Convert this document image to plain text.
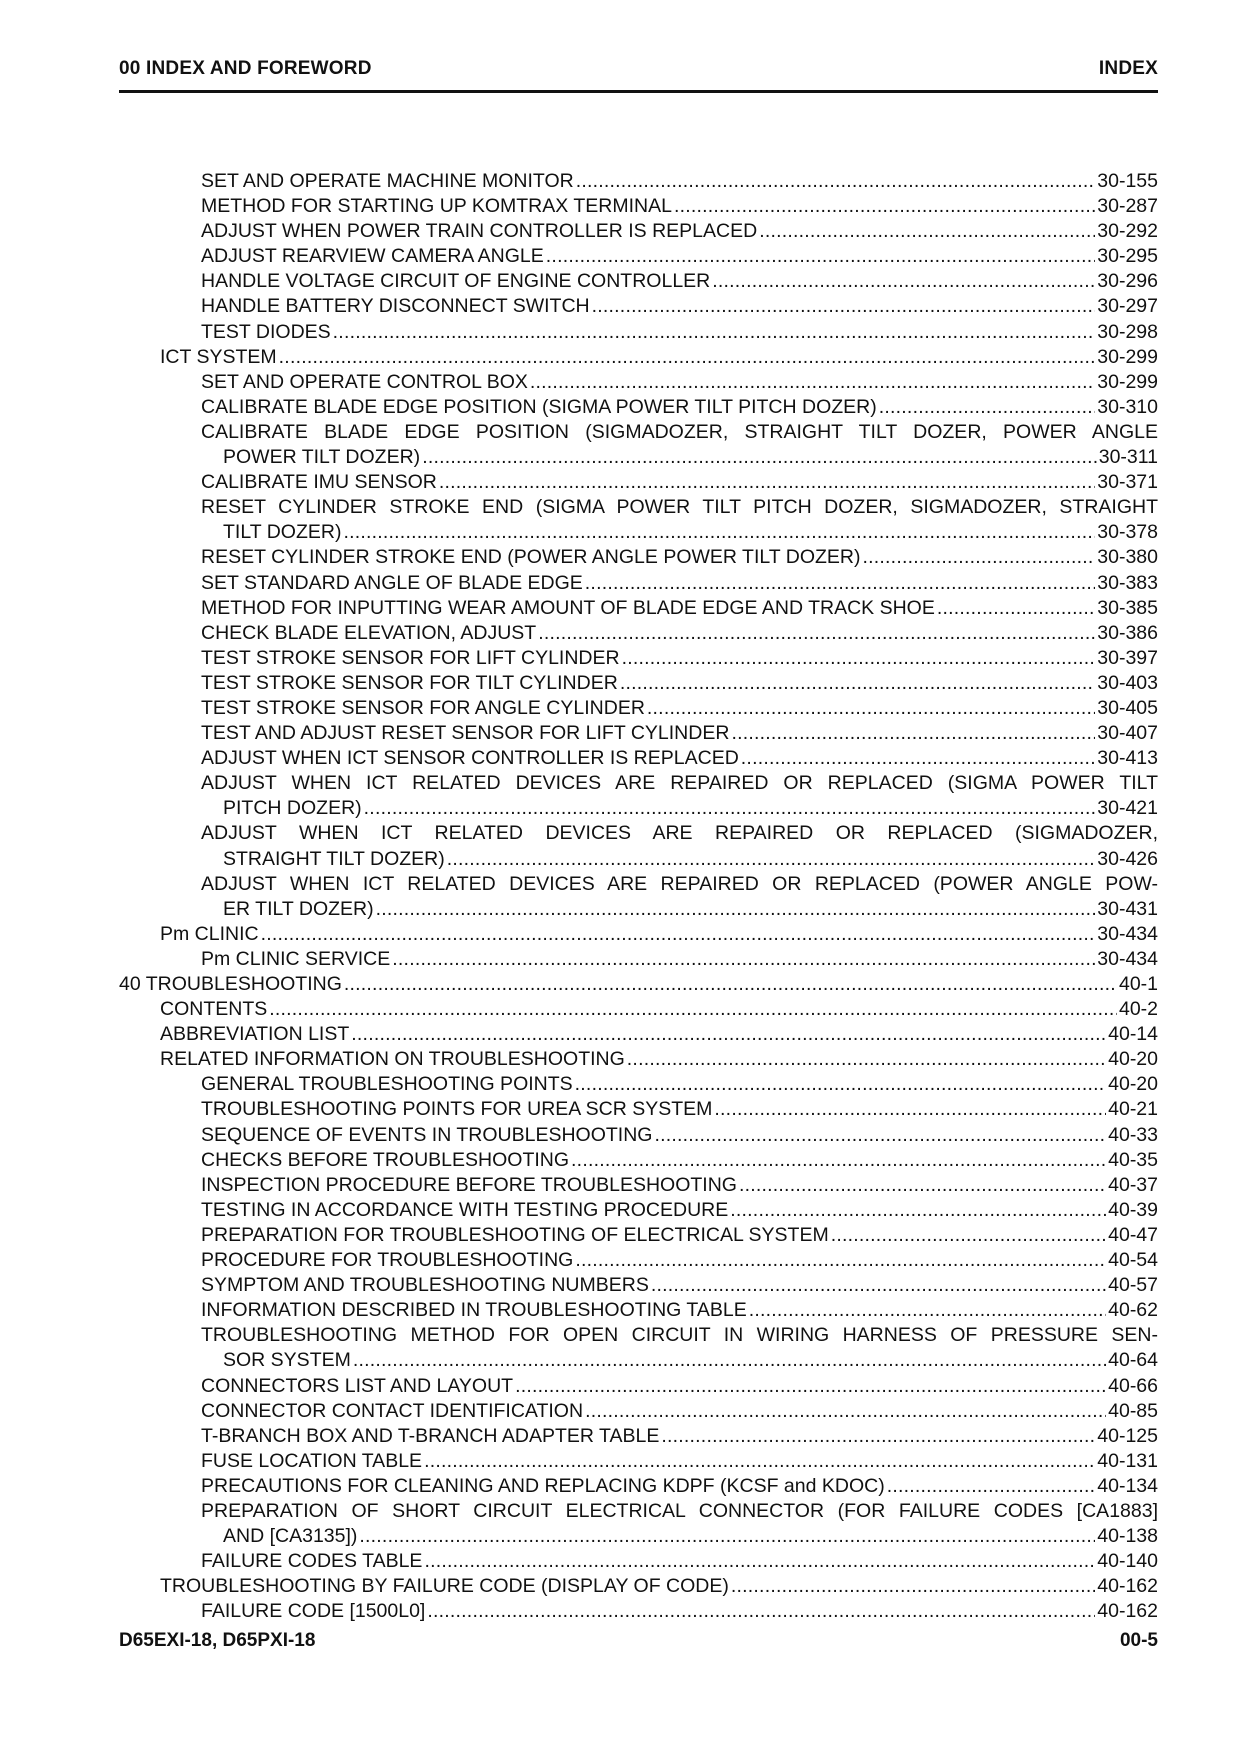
00 INDEX AND FOREWORD	INDEX
SET AND OPERATE MACHINE MONITOR . . .	30-155
METHOD FOR STARTING UP KOMTRAX TERMINAL . . .	30-287
ADJUST WHEN POWER TRAIN CONTROLLER IS REPLACED . . .	30-292
ADJUST REARVIEW CAMERA ANGLE . . .	30-295
HANDLE VOLTAGE CIRCUIT OF ENGINE CONTROLLER . . .	30-296
HANDLE BATTERY DISCONNECT SWITCH . . .	30-297
TEST DIODES . . .	30-298
ICT SYSTEM . . .	30-299
SET AND OPERATE CONTROL BOX . . .	30-299
CALIBRATE BLADE EDGE POSITION (SIGMA POWER TILT PITCH DOZER) . . .	30-310
CALIBRATE BLADE EDGE POSITION (SIGMADOZER, STRAIGHT TILT DOZER, POWER ANGLE
POWER TILT DOZER) . . .	30-311
CALIBRATE IMU SENSOR . . .	30-371
RESET CYLINDER STROKE END (SIGMA POWER TILT PITCH DOZER, SIGMADOZER, STRAIGHT
TILT DOZER) . . .	30-378
RESET CYLINDER STROKE END (POWER ANGLE POWER TILT DOZER) . . .	30-380
SET STANDARD ANGLE OF BLADE EDGE . . .	30-383
METHOD FOR INPUTTING WEAR AMOUNT OF BLADE EDGE AND TRACK SHOE . . .	30-385
CHECK BLADE ELEVATION, ADJUST . . .	30-386
TEST STROKE SENSOR FOR LIFT CYLINDER . . .	30-397
TEST STROKE SENSOR FOR TILT CYLINDER . . .	30-403
TEST STROKE SENSOR FOR ANGLE CYLINDER . . .	30-405
TEST AND ADJUST RESET SENSOR FOR LIFT CYLINDER . . .	30-407
ADJUST WHEN ICT SENSOR CONTROLLER IS REPLACED . . .	30-413
ADJUST WHEN ICT RELATED DEVICES ARE REPAIRED OR REPLACED (SIGMA POWER TILT
PITCH DOZER) . . .	30-421
ADJUST WHEN ICT RELATED DEVICES ARE REPAIRED OR REPLACED (SIGMADOZER,
STRAIGHT TILT DOZER) . . .	30-426
ADJUST WHEN ICT RELATED DEVICES ARE REPAIRED OR REPLACED (POWER ANGLE POW-
ER TILT DOZER) . . .	30-431
Pm CLINIC . . .	30-434
Pm CLINIC SERVICE . . .	30-434
40 TROUBLESHOOTING . . .	40-1
CONTENTS . . .	40-2
ABBREVIATION LIST . . .	40-14
RELATED INFORMATION ON TROUBLESHOOTING . . .	40-20
GENERAL TROUBLESHOOTING POINTS . . .	40-20
TROUBLESHOOTING POINTS FOR UREA SCR SYSTEM . . .	40-21
SEQUENCE OF EVENTS IN TROUBLESHOOTING . . .	40-33
CHECKS BEFORE TROUBLESHOOTING . . .	40-35
INSPECTION PROCEDURE BEFORE TROUBLESHOOTING . . .	40-37
TESTING IN ACCORDANCE WITH TESTING PROCEDURE . . .	40-39
PREPARATION FOR TROUBLESHOOTING OF ELECTRICAL SYSTEM . . .	40-47
PROCEDURE FOR TROUBLESHOOTING . . .	40-54
SYMPTOM AND TROUBLESHOOTING NUMBERS . . .	40-57
INFORMATION DESCRIBED IN TROUBLESHOOTING TABLE . . .	40-62
TROUBLESHOOTING METHOD FOR OPEN CIRCUIT IN WIRING HARNESS OF PRESSURE SEN-
SOR SYSTEM . . .	40-64
CONNECTORS LIST AND LAYOUT . . .	40-66
CONNECTOR CONTACT IDENTIFICATION . . .	40-85
T-BRANCH BOX AND T-BRANCH ADAPTER TABLE . . .	40-125
FUSE LOCATION TABLE . . .	40-131
PRECAUTIONS FOR CLEANING AND REPLACING KDPF (KCSF and KDOC) . . .	40-134
PREPARATION OF SHORT CIRCUIT ELECTRICAL CONNECTOR (FOR FAILURE CODES [CA1883]
AND [CA3135]) . . .	40-138
FAILURE CODES TABLE . . .	40-140
TROUBLESHOOTING BY FAILURE CODE (DISPLAY OF CODE) . . .	40-162
FAILURE CODE [1500L0] . . .	40-162
D65EXI-18, D65PXI-18	00-5
